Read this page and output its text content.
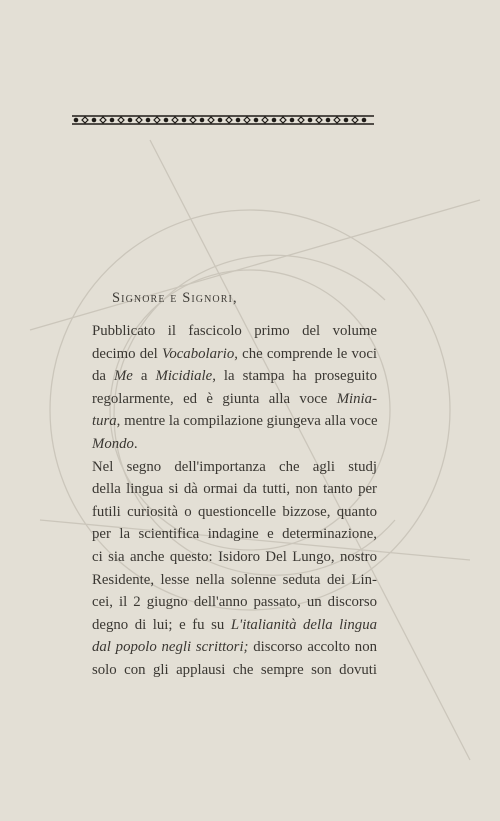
Signore e Signori,

Pubblicato il fascicolo primo del volume
decimo del Vocabolario, che comprende le voci
da Me a Micidiale, la stampa ha proseguito
regolarmente, ed è giunta alla voce Minia-
tura, mentre la compilazione giungeva alla voce
Mondo.
Nel segno dell'importanza che agli studj
della lingua si dà ormai da tutti, non tanto per
futili curiosità o questioncelle bizzose, quanto
per la scientifica indagine e determinazione,
ci sia anche questo: Isidoro Del Lungo, nostro
Residente, lesse nella solenne seduta dei Lin-
cei, il 2 giugno dell'anno passato, un discorso
degno di lui; e fu su L'italianità della lingua
dal popolo negli scrittori; discorso accolto non
solo con gli applausi che sempre son dovuti
